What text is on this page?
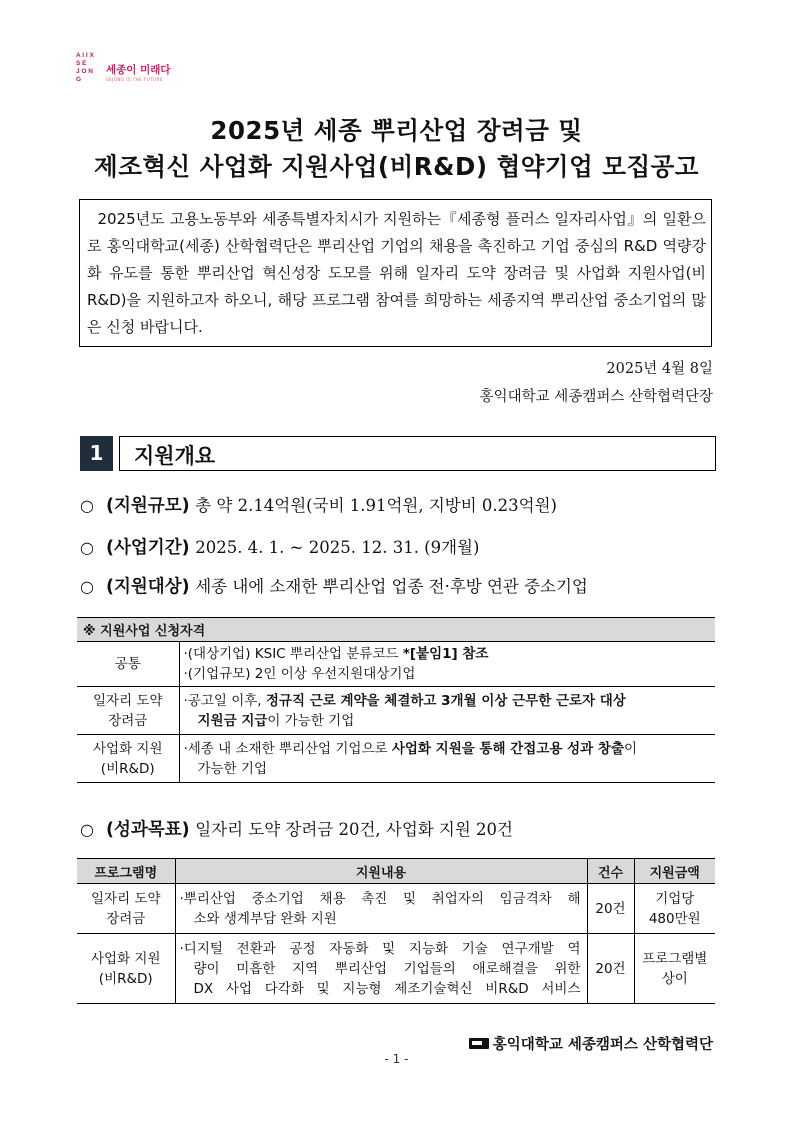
A I I X
S E
J O N G
세종이 미래다
SEJONG IS THE FUTURE
2025년 세종 뿌리산업 장려금 및
제조혁신 사업화 지원사업(비R&D) 협약기업 모집공고
2025년도 고용노동부와 세종특별자치시가 지원하는『세종형 플러스 일자리사업』의 일환으로 홍익대학교(세종) 산학협력단은 뿌리산업 기업의 채용을 촉진하고 기업 중심의 R&D 역량강화 유도를 통한 뿌리산업 혁신성장 도모를 위해 일자리 도약 장려금 및 사업화 지원사업(비R&D)을 지원하고자 하오니, 해당 프로그램 참여를 희망하는 세종지역 뿌리산업 중소기업의 많은 신청 바랍니다.
2025년 4월 8일
홍익대학교 세종캠퍼스 산학협력단장
1	지원개요
○ (지원규모) 총 약 2.14억원(국비 1.91억원, 지방비 0.23억원)
○ (사업기간) 2025. 4. 1. ~ 2025. 12. 31. (9개월)
○ (지원대상) 세종 내에 소재한 뿌리산업 업종 전·후방 연관 중소기업
※ 지원사업 신청자격	

공통	·(대상기업) KSIC 뿌리산업 분류코드 *[붙임1] 참조
·(기업규모) 2인 이상 우선지원대상기업

일자리 도약
장려금	·공고일 이후, 정규직 근로 계약을 체결하고 3개월 이상 근무한 근로자 대상
지원금 지급이 가능한 기업

사업화 지원
(비R&D)	·세종 내 소재한 뿌리산업 기업으로 사업화 지원을 통해 간접고용 성과 창출이
가능한 기업
○ (성과목표) 일자리 도약 장려금 20건, 사업화 지원 20건
프로그램명	지원내용	건수	지원금액

일자리 도약
장려금	·뿌리산업 중소기업 채용 촉진 및 취업자의 임금격차 해
소와 생계부담 완화 지원	20건	기업당
480만원

사업화 지원
(비R&D)	·디지털 전환과 공정 자동화 및 지능화 기술 연구개발 역
량이 미흡한 지역 뿌리산업 기업들의 애로해결을 위한
DX 사업 다각화 및 지능형 제조기술혁신 비R&D 서비스	20건	프로그램별
상이
홍익대학교 세종캠퍼스 산학협력단
- 1 -
